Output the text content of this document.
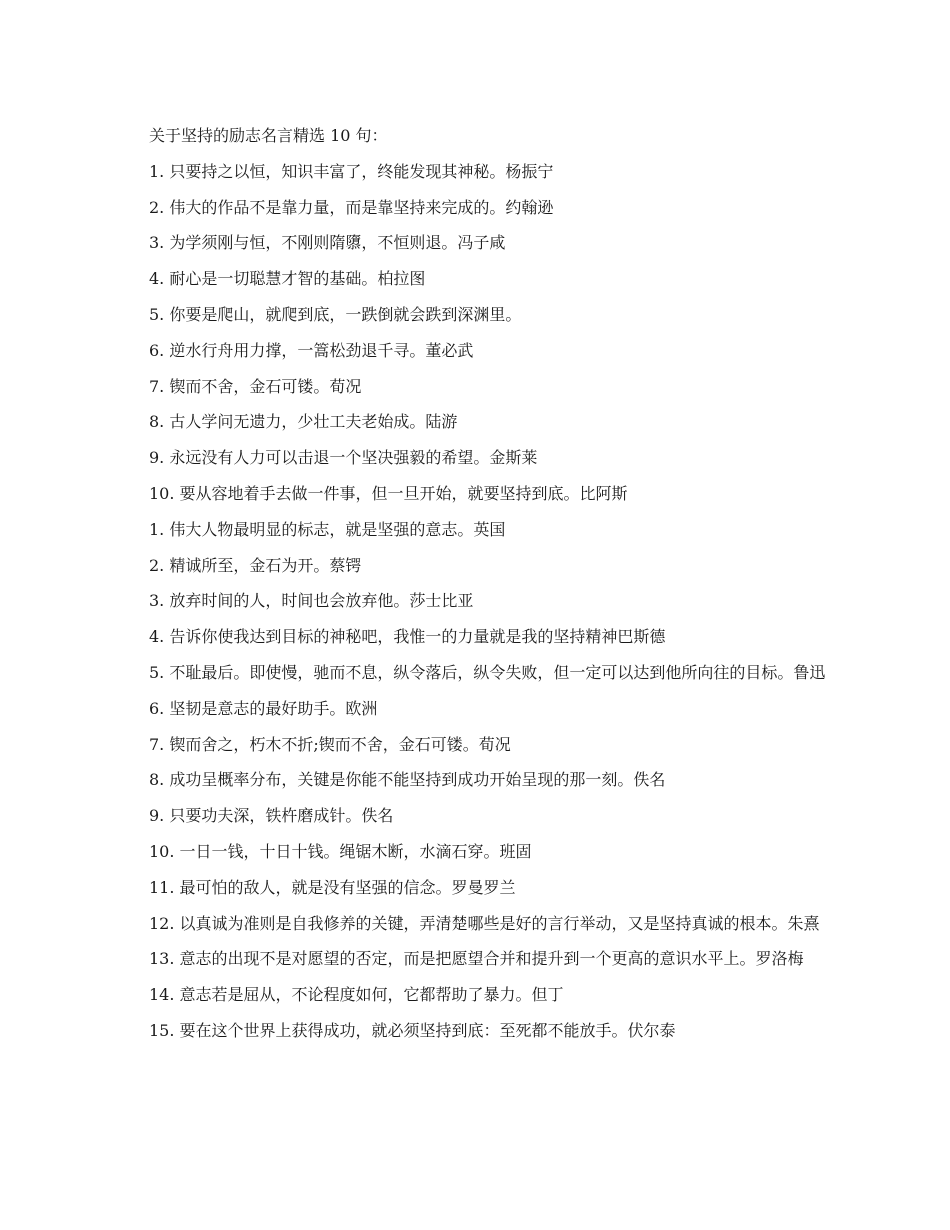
关于坚持的励志名言精选 10 句：

1. 只要持之以恒，知识丰富了，终能发现其神秘。杨振宁

2. 伟大的作品不是靠力量，而是靠坚持来完成的。约翰逊

3. 为学须刚与恒，不刚则隋隳，不恒则退。冯子咸

4. 耐心是一切聪慧才智的基础。柏拉图

5. 你要是爬山，就爬到底，一跌倒就会跌到深渊里。

6. 逆水行舟用力撑，一篙松劲退千寻。董必武

7. 锲而不舍，金石可镂。荀况

8. 古人学问无遗力，少壮工夫老始成。陆游

9. 永远没有人力可以击退一个坚决强毅的希望。金斯莱

10. 要从容地着手去做一件事，但一旦开始，就要坚持到底。比阿斯

1. 伟大人物最明显的标志，就是坚强的意志。英国

2. 精诚所至，金石为开。蔡锷

3. 放弃时间的人，时间也会放弃他。莎士比亚

4. 告诉你使我达到目标的神秘吧，我惟一的力量就是我的坚持精神巴斯德

5. 不耻最后。即使慢，驰而不息，纵令落后，纵令失败，但一定可以达到他所向往的目标。鲁迅

6. 坚韧是意志的最好助手。欧洲

7. 锲而舍之，朽木不折;锲而不舍，金石可镂。荀况

8. 成功呈概率分布，关键是你能不能坚持到成功开始呈现的那一刻。佚名

9. 只要功夫深，铁杵磨成针。佚名

10. 一日一钱，十日十钱。绳锯木断，水滴石穿。班固

11. 最可怕的敌人，就是没有坚强的信念。罗曼罗兰

12. 以真诚为准则是自我修养的关键，弄清楚哪些是好的言行举动，又是坚持真诚的根本。朱熹

13. 意志的出现不是对愿望的否定，而是把愿望合并和提升到一个更高的意识水平上。罗洛梅

14. 意志若是屈从，不论程度如何，它都帮助了暴力。但丁

15. 要在这个世界上获得成功，就必须坚持到底：至死都不能放手。伏尔泰
